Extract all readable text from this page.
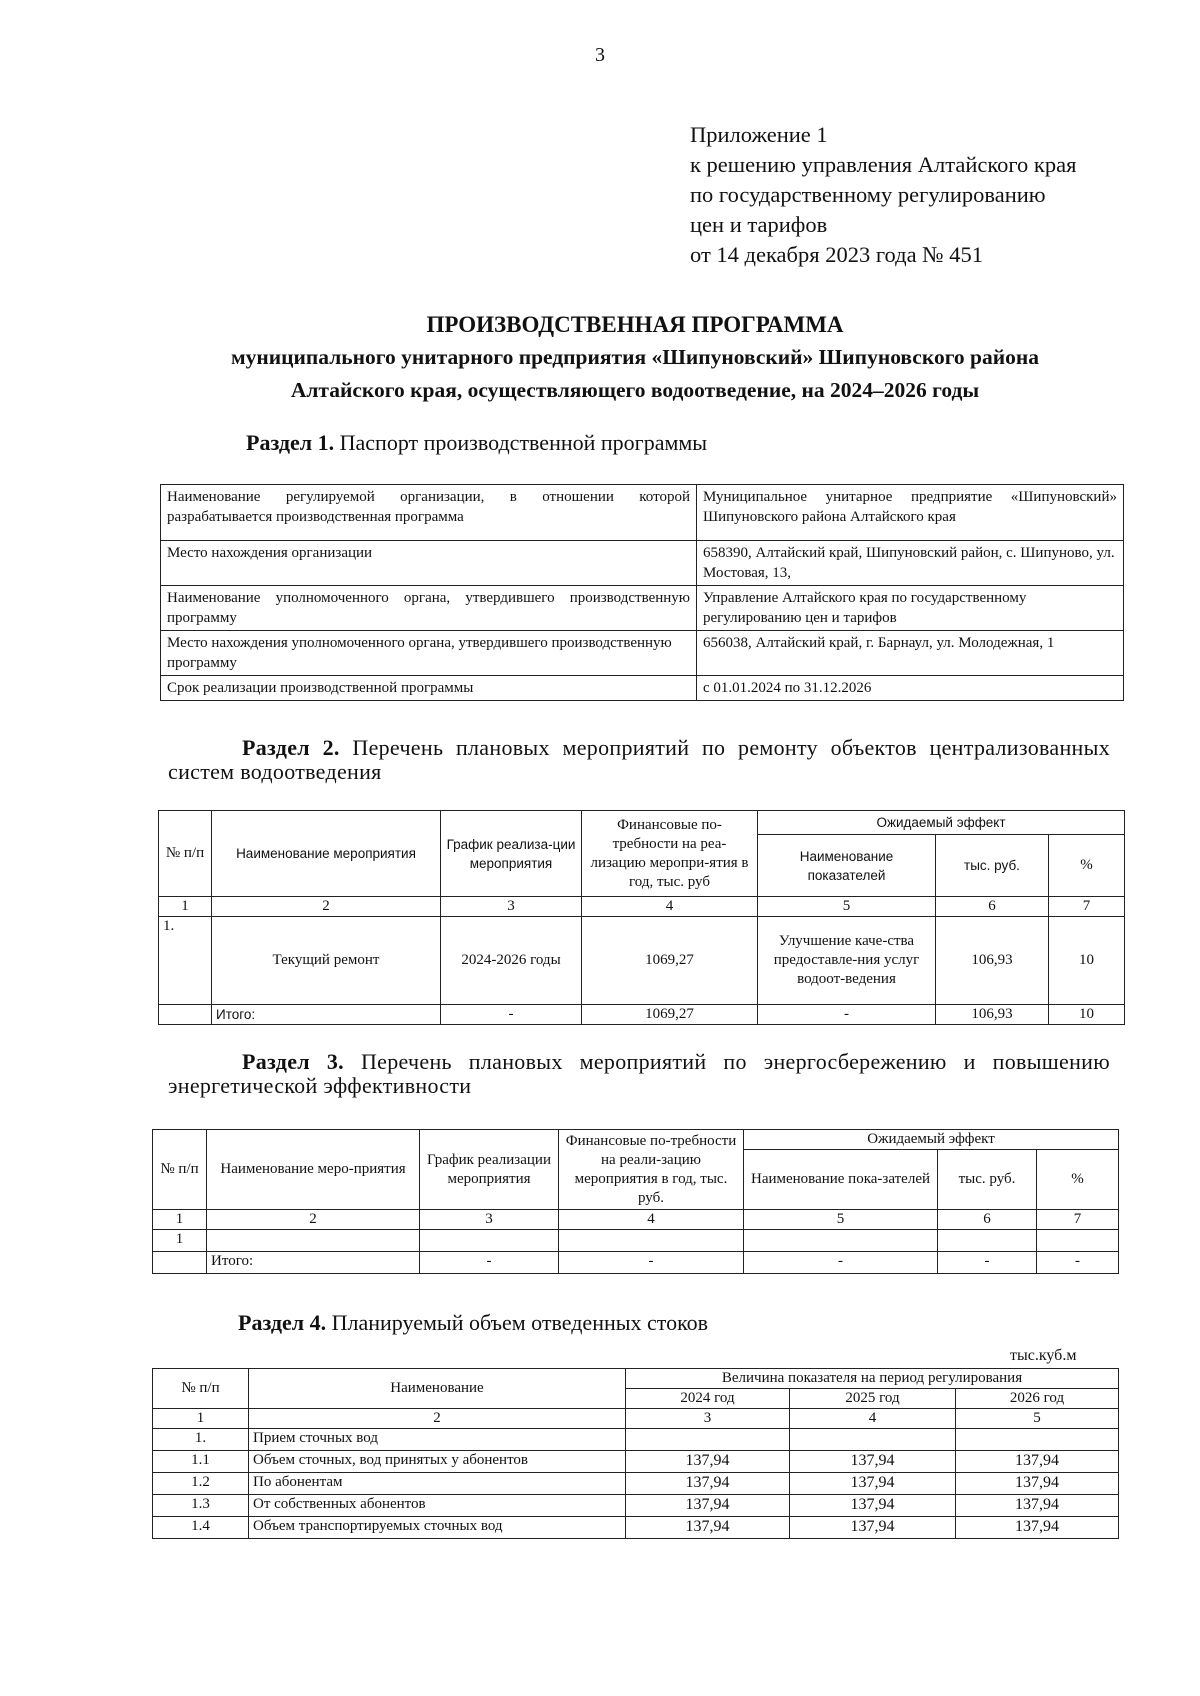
3
Приложение 1
к решению управления Алтайского края
по государственному регулированию
цен и тарифов
от 14 декабря 2023 года № 451
ПРОИЗВОДСТВЕННАЯ ПРОГРАММА
муниципального унитарного предприятия «Шипуновский» Шипуновского района
Алтайского края, осуществляющего водоотведение, на 2024–2026 годы
Раздел 1. Паспорт производственной программы
Наименование регулируемой организации, в отношении которой разрабатывается производственная программа	Муниципальное унитарное предприятие «Шипуновский» Шипуновского района Алтайского края
Место нахождения организации	658390, Алтайский край, Шипуновский район, с. Шипуново, ул. Мостовая, 13,
Наименование уполномоченного органа, утвердившего производственную программу	Управление Алтайского края по государственному регулированию цен и тарифов
Место нахождения уполномоченного органа, утвердившего производственную программу	656038, Алтайский край, г. Барнаул, ул. Молодежная, 1
Срок реализации производственной программы	с 01.01.2024 по 31.12.2026
Раздел 2. Перечень плановых мероприятий по ремонту объектов централизованных систем водоотведения
№ п/п	Наименование мероприятия	График реализа-ции мероприятия	Финансовые по-требности на реа-лизацию меропри-ятия в год, тыс. руб	Ожидаемый эффект		
				Наименование показателей	тыс. руб.	%
1	2	3	4	5	6	7
1.	Текущий ремонт	2024-2026 годы	1069,27	Улучшение каче-ства предоставле-ния услуг водоот-ведения	106,93	10
	Итого:	-	1069,27	-	106,93	10
Раздел 3. Перечень плановых мероприятий по энергосбережению и повышению энергетической эффективности
№ п/п	Наименование меро-приятия	График реализации мероприятия	Финансовые по-требности на реали-зацию мероприятия в год, тыс. руб.	Ожидаемый эффект		
				Наименование пока-зателей	тыс. руб.	%
1	2	3	4	5	6	7
1						
	Итого:	-	-	-	-	-
Раздел 4. Планируемый объем отведенных стоков
тыс.куб.м
№ п/п	Наименование	Величина показателя на период регулирования		
		2024 год	2025 год	2026 год
1	2	3	4	5
1.	Прием сточных вод			
1.1	Объем сточных, вод принятых у абонентов	137,94	137,94	137,94
1.2	По абонентам	137,94	137,94	137,94
1.3	От собственных абонентов	137,94	137,94	137,94
1.4	Объем транспортируемых сточных вод	137,94	137,94	137,94
